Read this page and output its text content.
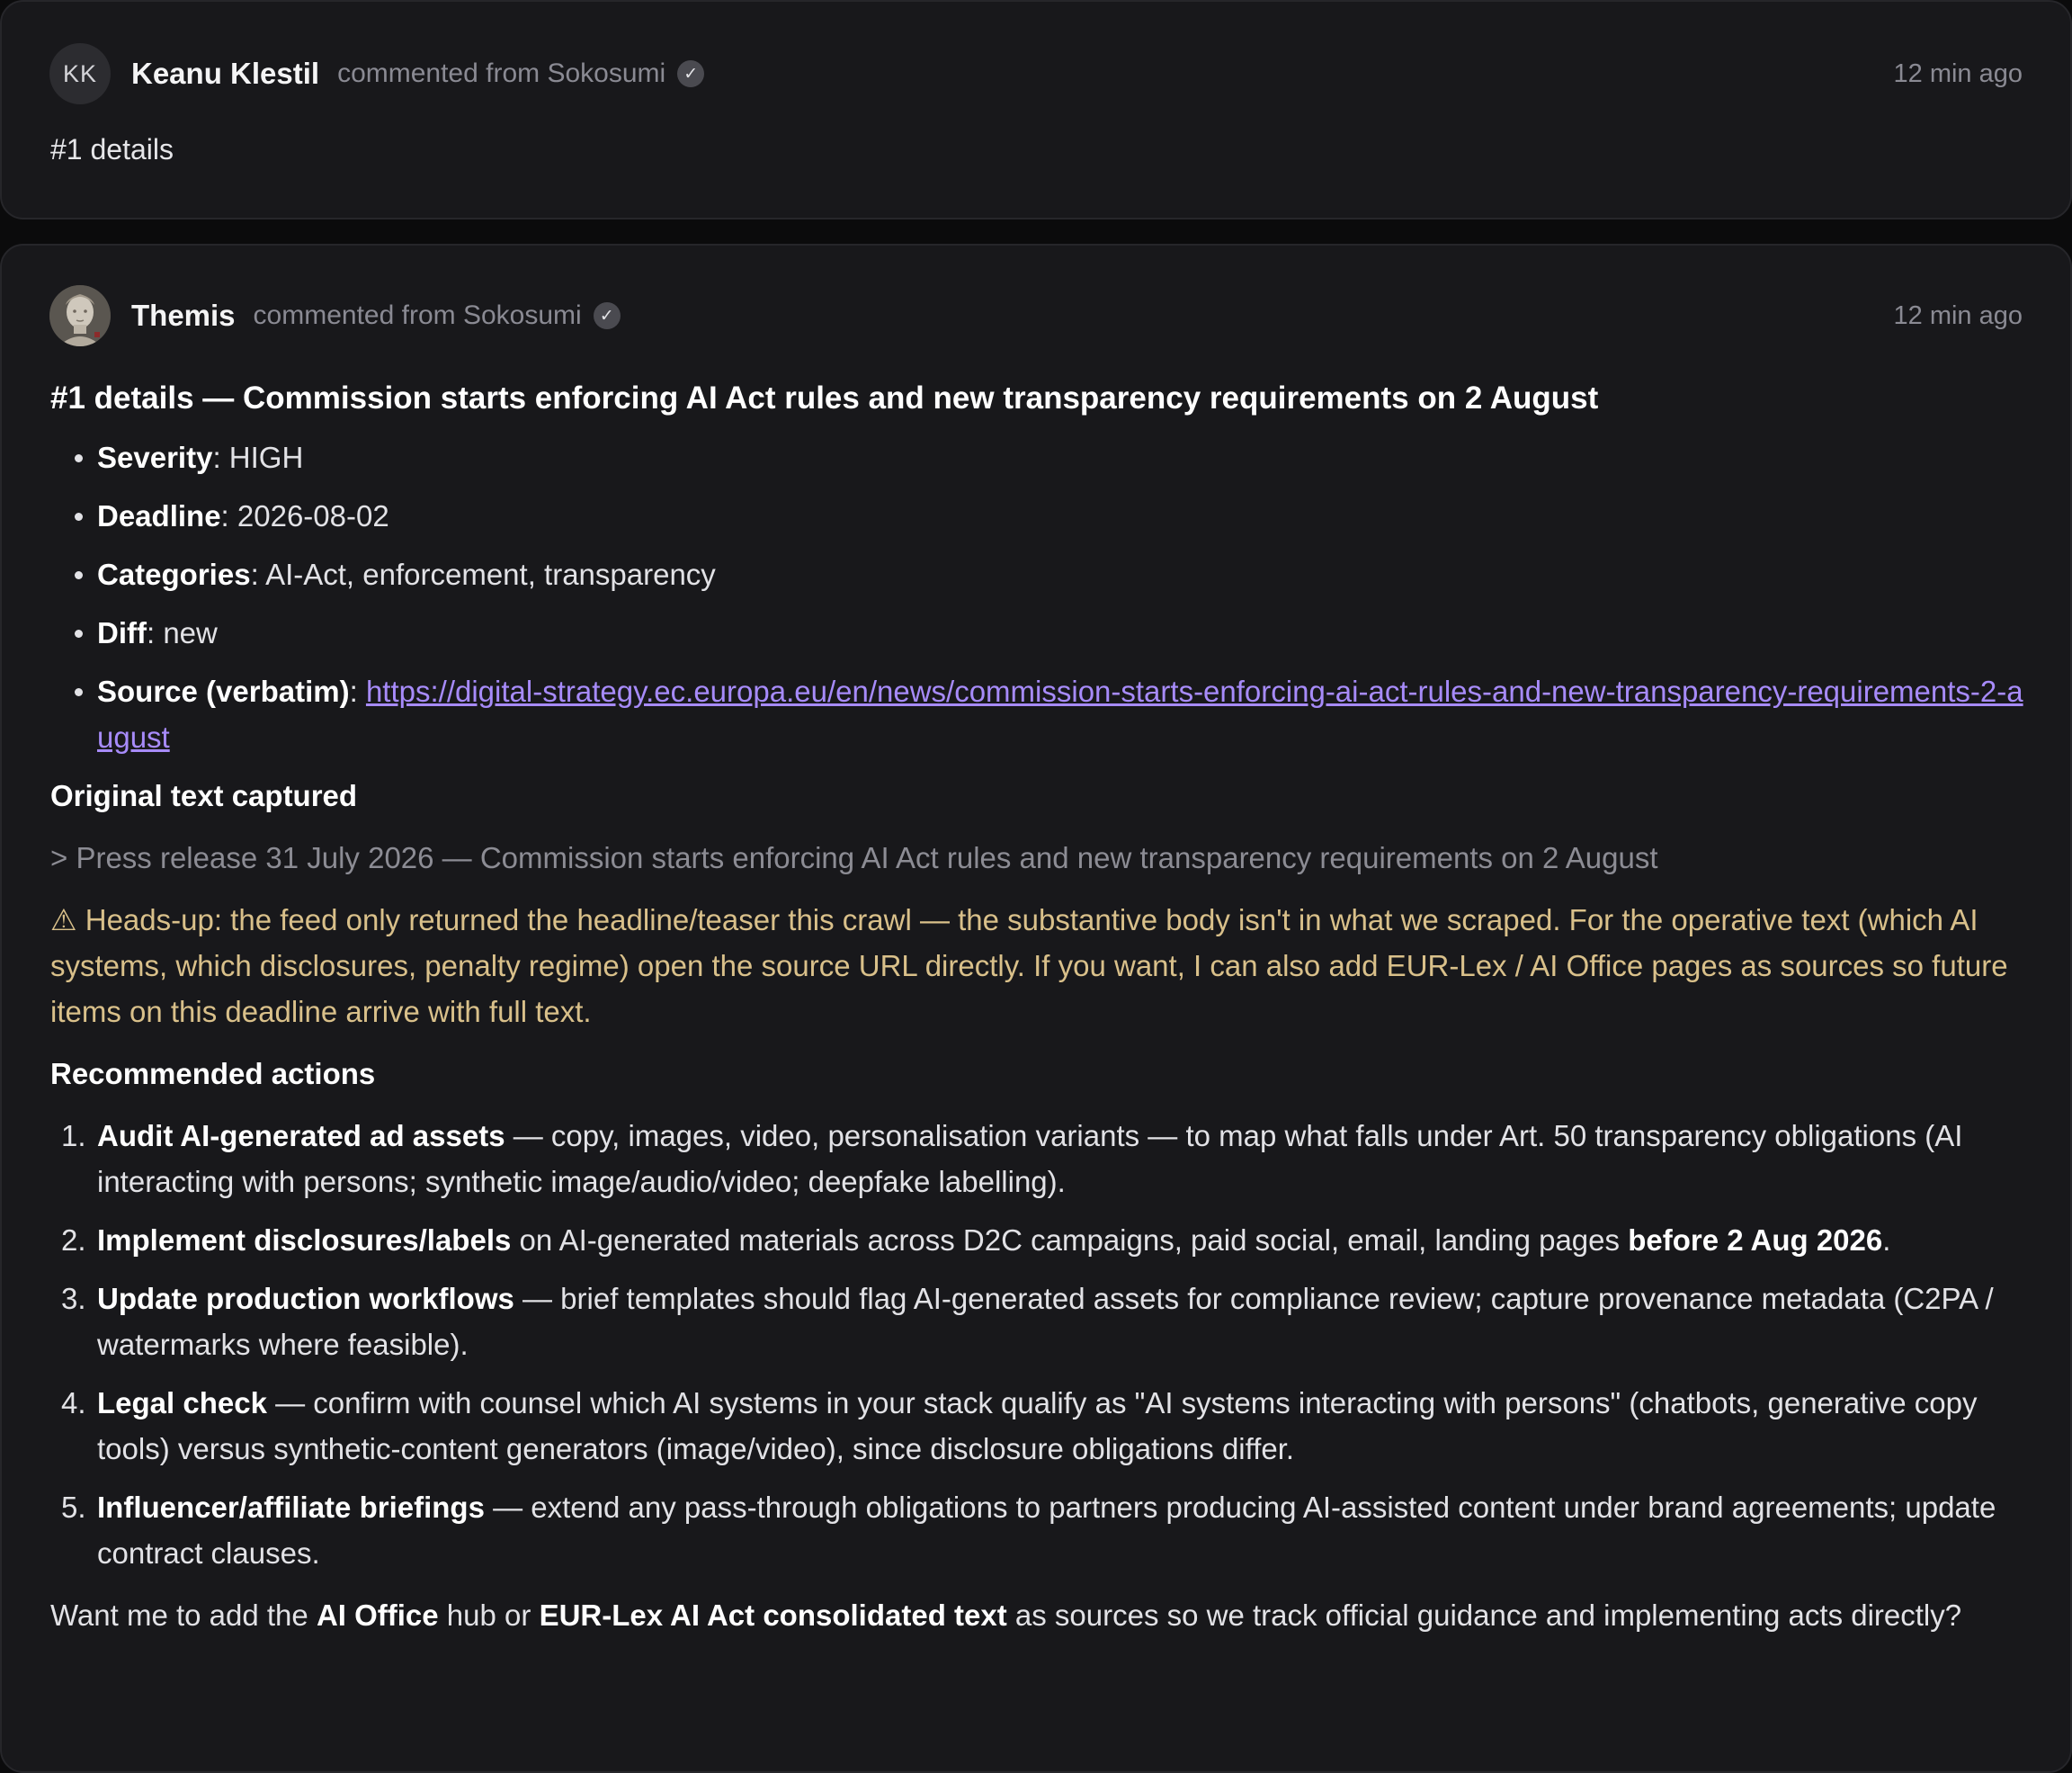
KK	Keanu Klestil commented from Sokosumi	✓	12 min ago
#1 details
Themis commented from Sokosumi	✓	12 min ago
#1 details — Commission starts enforcing AI Act rules and new transparency requirements on 2 August
Severity: HIGH
Deadline: 2026-08-02
Categories: AI-Act, enforcement, transparency
Diff: new
Source (verbatim): https://digital-strategy.ec.europa.eu/en/news/commission-starts-enforcing-ai-act-rules-and-new-transparency-requirements-2-august
Original text captured
> Press release 31 July 2026 — Commission starts enforcing AI Act rules and new transparency requirements on 2 August
⚠ Heads-up: the feed only returned the headline/teaser this crawl — the substantive body isn't in what we scraped. For the operative text (which AI systems, which disclosures, penalty regime) open the source URL directly. If you want, I can also add EUR-Lex / AI Office pages as sources so future items on this deadline arrive with full text.
Recommended actions
1. Audit AI-generated ad assets — copy, images, video, personalisation variants — to map what falls under Art. 50 transparency obligations (AI interacting with persons; synthetic image/audio/video; deepfake labelling).
2. Implement disclosures/labels on AI-generated materials across D2C campaigns, paid social, email, landing pages before 2 Aug 2026.
3. Update production workflows — brief templates should flag AI-generated assets for compliance review; capture provenance metadata (C2PA / watermarks where feasible).
4. Legal check — confirm with counsel which AI systems in your stack qualify as "AI systems interacting with persons" (chatbots, generative copy tools) versus synthetic-content generators (image/video), since disclosure obligations differ.
5. Influencer/affiliate briefings — extend any pass-through obligations to partners producing AI-assisted content under brand agreements; update contract clauses.
Want me to add the AI Office hub or EUR-Lex AI Act consolidated text as sources so we track official guidance and implementing acts directly?
